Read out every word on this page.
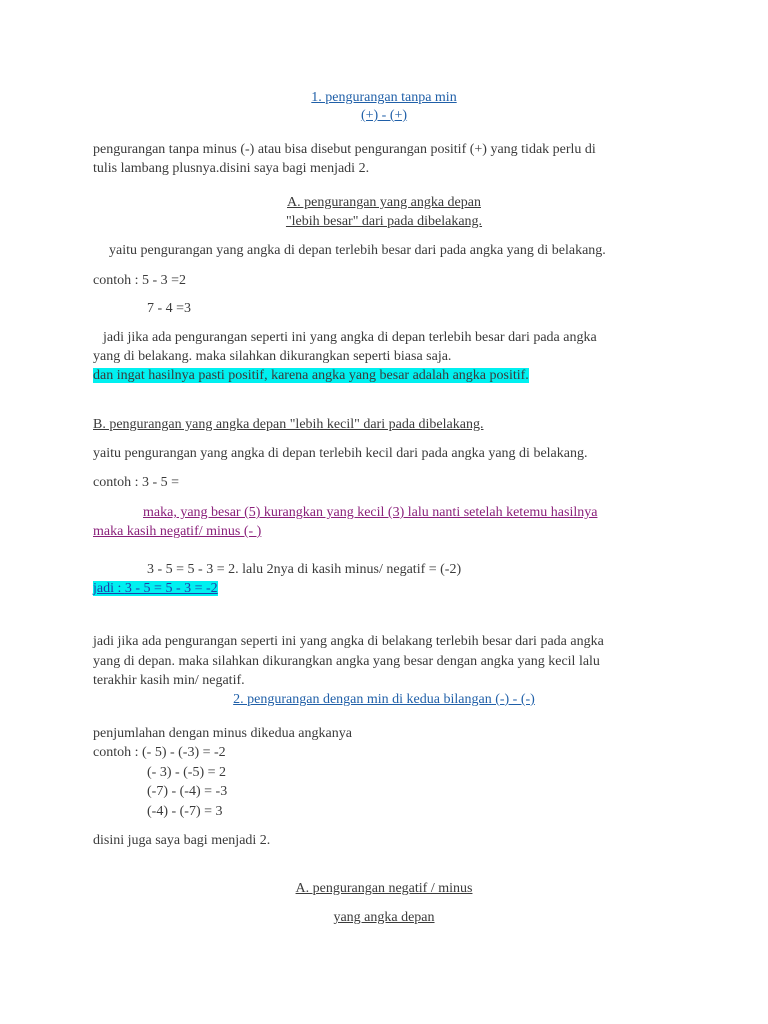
1. pengurangan tanpa min
(+) - (+)
pengurangan tanpa minus (-) atau bisa disebut pengurangan positif (+) yang tidak perlu di
tulis lambang plusnya.disini saya bagi menjadi 2.
A. pengurangan yang angka depan
"lebih besar" dari pada dibelakang.
yaitu pengurangan yang angka di depan terlebih besar dari pada angka yang di belakang.
contoh : 5 - 3 =2
7 - 4 =3
jadi jika ada pengurangan seperti ini yang angka di depan terlebih besar dari pada angka
yang di belakang. maka silahkan dikurangkan seperti biasa saja.
dan ingat hasilnya pasti positif, karena angka yang besar adalah angka positif.
B. pengurangan yang angka depan "lebih kecil" dari pada dibelakang.
yaitu pengurangan yang angka di depan terlebih kecil dari pada angka yang di belakang.
contoh : 3 - 5 =
maka, yang besar (5) kurangkan yang kecil (3) lalu nanti setelah ketemu hasilnya
maka kasih negatif/ minus (- )
3 - 5 = 5 - 3 = 2. lalu 2nya di kasih minus/ negatif = (-2)
jadi : 3 - 5 = 5 - 3 = -2
jadi jika ada pengurangan seperti ini yang angka di belakang terlebih besar dari pada angka
yang di depan. maka silahkan dikurangkan angka yang besar dengan angka yang kecil lalu
terakhir kasih min/ negatif.
2. pengurangan dengan min di kedua bilangan (-) - (-)
penjumlahan dengan minus dikedua angkanya
contoh : (- 5) - (-3) = -2
(- 3) - (-5) = 2
(-7) - (-4) = -3
(-4) - (-7) = 3
disini juga saya bagi menjadi 2.
A. pengurangan negatif / minus
yang angka depan
